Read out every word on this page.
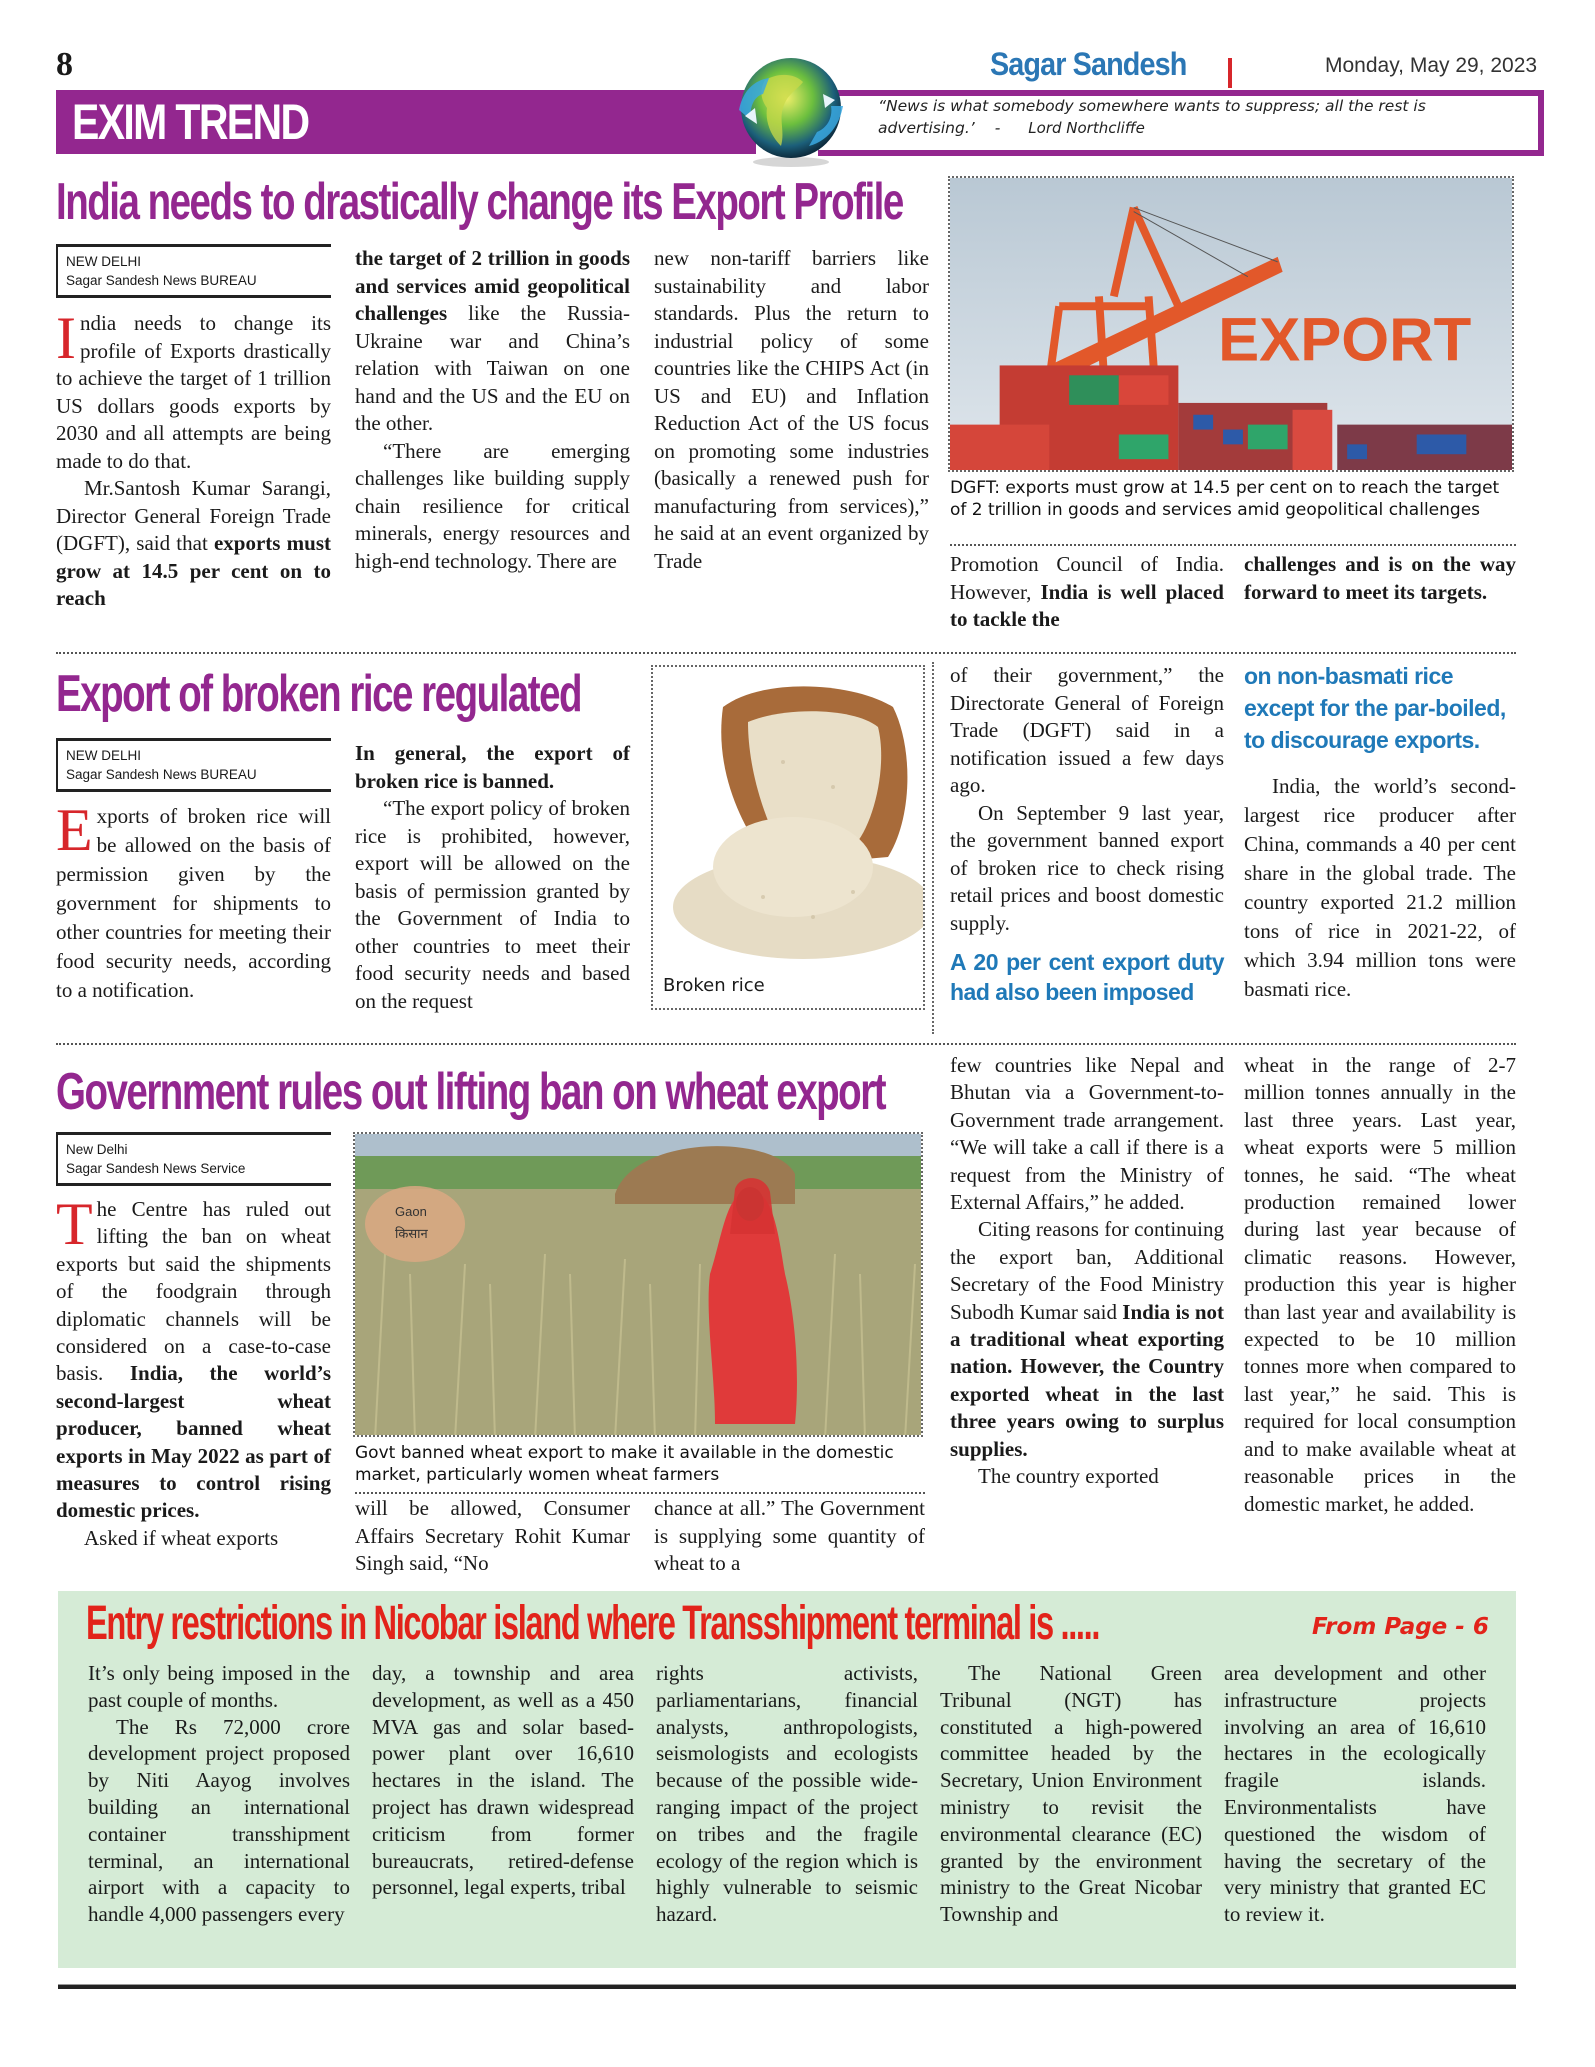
8
EXIM TREND	“News is what somebody somewhere wants to suppress; all the rest is advertising.’ - Lord Northcliffe
Sagar Sandesh	Monday, May 29, 2023
India needs to drastically change its Export Profile
NEW DELHI
Sagar Sandesh News BUREAU

India needs to change its profile of Exports drastically to achieve the target of 1 trillion US dollars goods exports by 2030 and all attempts are being made to do that.

Mr.Santosh Kumar Sarangi, Director General Foreign Trade (DGFT), said that exports must grow at 14.5 per cent on to reach

the target of 2 trillion in goods and services amid geopolitical challenges like the Russia-Ukraine war and China’s relation with Taiwan on one hand and the US and the EU on the other.

“There are emerging challenges like building supply chain resilience for critical minerals, energy resources and high-end technology. There are

new non-tariff barriers like sustainability and labor standards. Plus the return to industrial policy of some countries like the CHIPS Act (in US and EU) and Inflation Reduction Act of the US focus on promoting some industries (basically a renewed push for manufacturing from services),” he said at an event organized by Trade

EXPORT
DGFT: exports must grow at 14.5 per cent on to reach the target of 2 trillion in goods and services amid geopolitical challenges

Promotion Council of India. However, India is well placed to tackle the

challenges and is on the way forward to meet its targets.

Export of broken rice regulated
NEW DELHI
Sagar Sandesh News BUREAU

Exports of broken rice will be allowed on the basis of permission given by the government for shipments to other countries for meeting their food security needs, according to a notification.

In general, the export of broken rice is banned.

“The export policy of broken rice is prohibited, however, export will be allowed on the basis of permission granted by the Government of India to other countries to meet their food security needs and based on the request

Broken rice

of their government,” the Directorate General of Foreign Trade (DGFT) said in a notification issued a few days ago.

On September 9 last year, the government banned export of broken rice to check rising retail prices and boost domestic supply.

A 20 per cent export duty had also been imposed
on non-basmati rice except for the par-boiled, to discourage exports.

India, the world’s second-largest rice producer after China, commands a 40 per cent share in the global trade. The country exported 21.2 million tons of rice in 2021-22, of which 3.94 million tons were basmati rice.

Government rules out lifting ban on wheat export
New Delhi
Sagar Sandesh News Service

The Centre has ruled out lifting the ban on wheat exports but said the shipments of the foodgrain through diplomatic channels will be considered on a case-to-case basis. India, the world’s second-largest wheat producer, banned wheat exports in May 2022 as part of measures to control rising domestic prices.

Asked if wheat exports

Gaon
किसान
Govt banned wheat export to make it available in the domestic market, particularly women wheat farmers

will be allowed, Consumer Affairs Secretary Rohit Kumar Singh said, “No

chance at all.” The Government is supplying some quantity of wheat to a

few countries like Nepal and Bhutan via a Government-to-Government trade arrangement. “We will take a call if there is a request from the Ministry of External Affairs,” he added.

Citing reasons for continuing the export ban, Additional Secretary of the Food Ministry Subodh Kumar said India is not a traditional wheat exporting nation. However, the Country exported wheat in the last three years owing to surplus supplies.

The country exported

wheat in the range of 2-7 million tonnes annually in the last three years. Last year, wheat exports were 5 million tonnes, he said. “The wheat production remained lower during last year because of climatic reasons. However, production this year is higher than last year and availability is expected to be 10 million tonnes more when compared to last year,” he said. This is required for local consumption and to make available wheat at reasonable prices in the domestic market, he added.

Entry restrictions in Nicobar island where Transshipment terminal is .....	From Page - 6

It’s only being imposed in the past couple of months.

The Rs 72,000 crore development project proposed by Niti Aayog involves building an international container transshipment terminal, an international airport with a capacity to handle 4,000 passengers every

day, a township and area development, as well as a 450 MVA gas and solar based-power plant over 16,610 hectares in the island. The project has drawn widespread criticism from former bureaucrats, retired-defense personnel, legal experts, tribal

rights activists, parliamentarians, financial analysts, anthropologists, seismologists and ecologists because of the possible wide-ranging impact of the project on tribes and the fragile ecology of the region which is highly vulnerable to seismic hazard.

The National Green Tribunal (NGT) has constituted a high-powered committee headed by the Secretary, Union Environment ministry to revisit the environmental clearance (EC) granted by the environment ministry to the Great Nicobar Township and

area development and other infrastructure projects involving an area of 16,610 hectares in the ecologically fragile islands. Environmentalists have questioned the wisdom of having the secretary of the very ministry that granted EC to review it.
